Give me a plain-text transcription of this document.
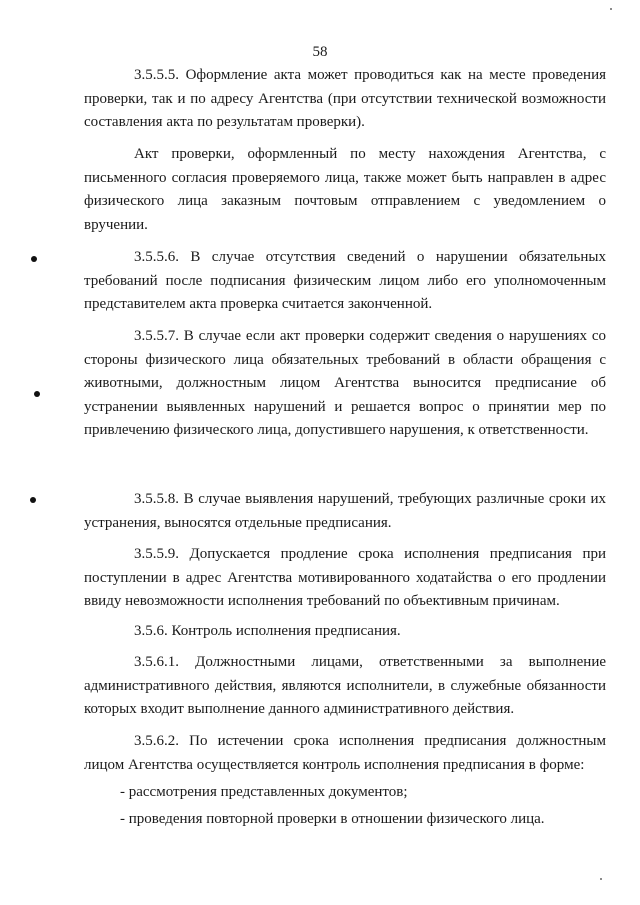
58

3.5.5.5. Оформление акта может проводиться как на месте проведения проверки, так и по адресу Агентства (при отсутствии технической возможности составления акта по результатам проверки).

Акт проверки, оформленный по месту нахождения Агентства, с письменного согласия проверяемого лица, также может быть направлен в адрес физического лица заказным почтовым отправлением с уведомлением о вручении.

3.5.5.6. В случае отсутствия сведений о нарушении обязательных требований после подписания физическим лицом либо его уполномоченным представителем акта проверка считается законченной.

3.5.5.7. В случае если акт проверки содержит сведения о нарушениях со стороны физического лица обязательных требований в области обращения с животными, должностным лицом Агентства выносится предписание об устранении выявленных нарушений и решается вопрос о принятии мер по привлечению физического лица, допустившего нарушения, к ответственности.

3.5.5.8. В случае выявления нарушений, требующих различные сроки их устранения, выносятся отдельные предписания.

3.5.5.9. Допускается продление срока исполнения предписания при поступлении в адрес Агентства мотивированного ходатайства о его продлении ввиду невозможности исполнения требований по объективным причинам.

3.5.6. Контроль исполнения предписания.

3.5.6.1. Должностными лицами, ответственными за выполнение административного действия, являются исполнители, в служебные обязанности которых входит выполнение данного административного действия.

3.5.6.2. По истечении срока исполнения предписания должностным лицом Агентства осуществляется контроль исполнения предписания в форме:

- рассмотрения представленных документов;

- проведения повторной проверки в отношении физического лица.
